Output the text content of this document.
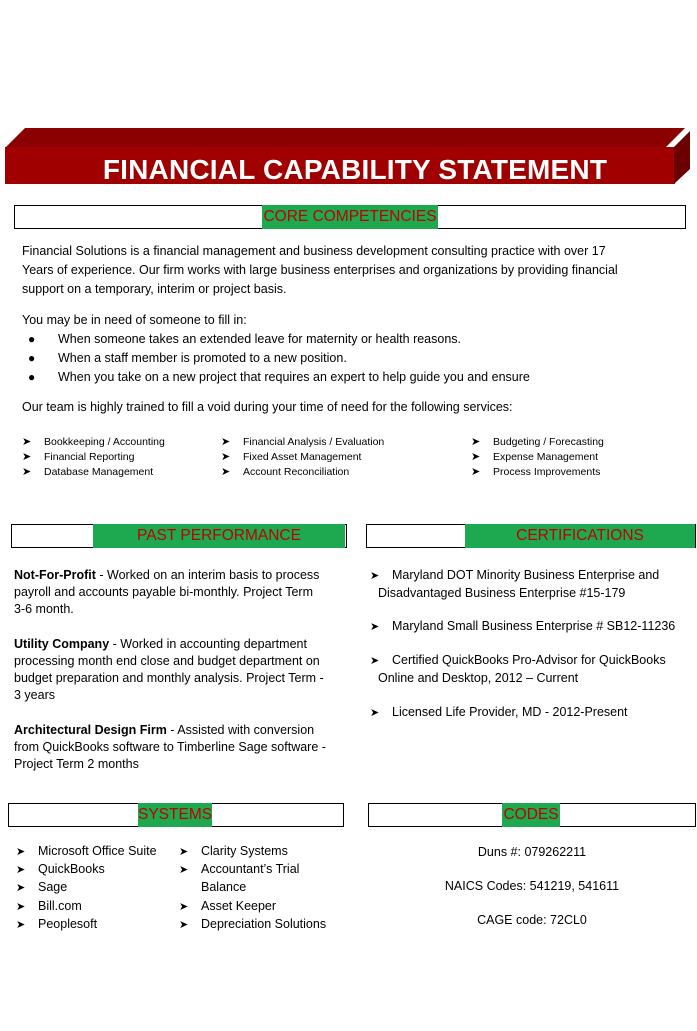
FINANCIAL CAPABILITY STATEMENT
CORE COMPETENCIES
Financial Solutions is a financial management and business development consulting practice with over 17
Years of experience. Our firm works with large business enterprises and organizations by providing financial
support on a temporary, interim or project basis.
You may be in need of someone to fill in:
● When someone takes an extended leave for maternity or health reasons.
● When a staff member is promoted to a new position.
● When you take on a new project that requires an expert to help guide you and ensure
Our team is highly trained to fill a void during your time of need for the following services:
➤ Bookkeeping / Accounting
➤ Financial Reporting
➤ Database Management
➤ Financial Analysis / Evaluation
➤ Fixed Asset Management
➤ Account Reconciliation
➤ Budgeting / Forecasting
➤ Expense Management
➤ Process Improvements
PAST PERFORMANCE
Not-For-Profit - Worked on an interim basis to process
payroll and accounts payable bi-monthly. Project Term
3-6 month.
Utility Company - Worked in accounting department
processing month end close and budget department on
budget preparation and monthly analysis. Project Term -
3 years
Architectural Design Firm - Assisted with conversion
from QuickBooks software to Timberline Sage software -
Project Term 2 months
CERTIFICATIONS
➤ Maryland DOT Minority Business Enterprise and
Disadvantaged Business Enterprise #15-179
➤ Maryland Small Business Enterprise # SB12-11236
➤ Certified QuickBooks Pro-Advisor for QuickBooks
Online and Desktop, 2012 – Current
➤ Licensed Life Provider, MD - 2012-Present
SYSTEMS
➤ Microsoft Office Suite
➤ QuickBooks
➤ Sage
➤ Bill.com
➤ Peoplesoft
➤ Clarity Systems
➤ Accountant’s Trial
Balance
➤ Asset Keeper
➤ Depreciation Solutions
CODES
Duns #: 079262211
NAICS Codes: 541219, 541611
CAGE code: 72CL0
